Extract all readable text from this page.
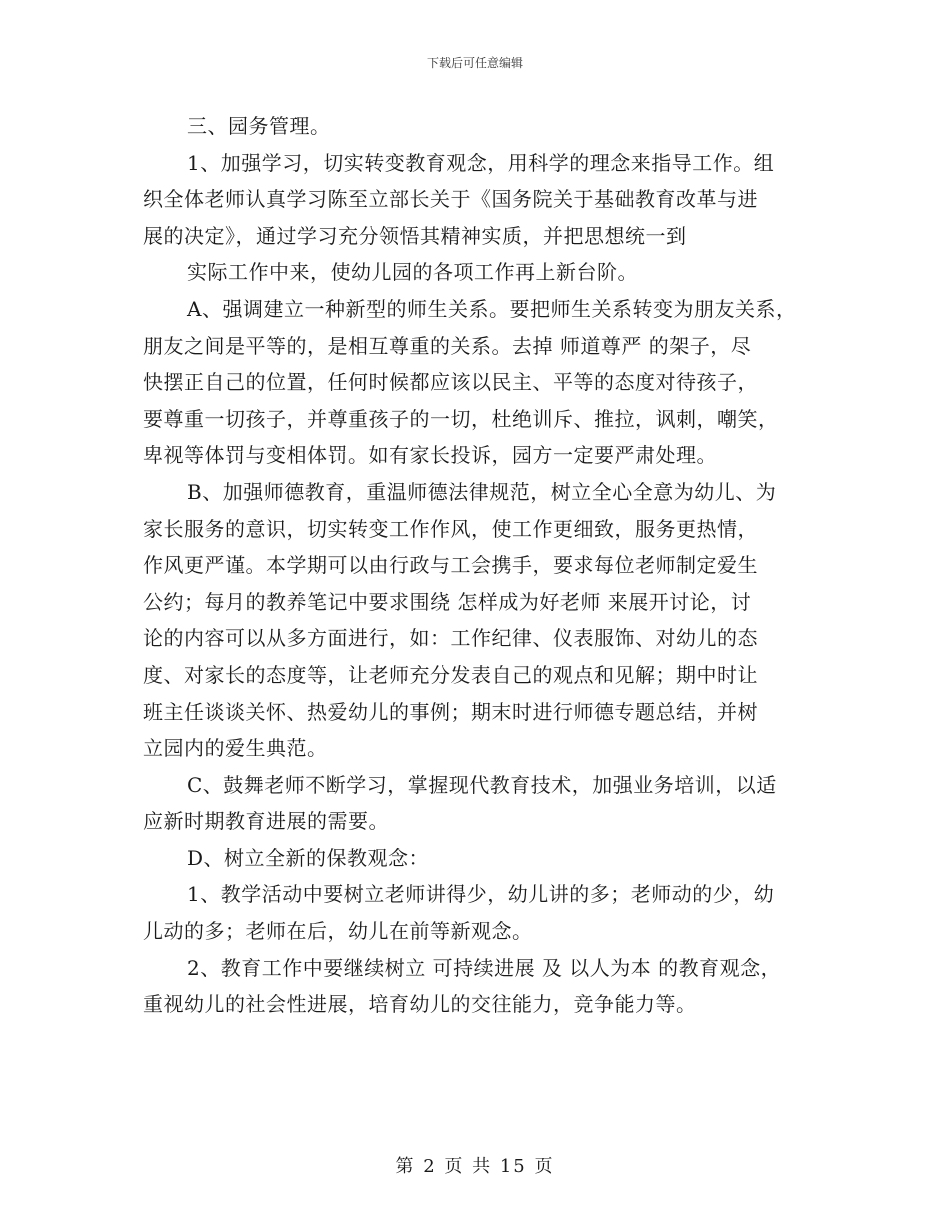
下载后可任意编辑
三、园务管理。
1、加强学习，切实转变教育观念，用科学的理念来指导工作。组
织全体老师认真学习陈至立部长关于《国务院关于基础教育改革与进
展的决定》，通过学习充分领悟其精神实质，并把思想统一到
实际工作中来，使幼儿园的各项工作再上新台阶。
A、强调建立一种新型的师生关系。要把师生关系转变为朋友关系，
朋友之间是平等的，是相互尊重的关系。去掉 师道尊严 的架子，尽
快摆正自己的位置，任何时候都应该以民主、平等的态度对待孩子，
要尊重一切孩子，并尊重孩子的一切，杜绝训斥、推拉，讽刺，嘲笑，
卑视等体罚与变相体罚。如有家长投诉，园方一定要严肃处理。
B、加强师德教育，重温师德法律规范，树立全心全意为幼儿、为
家长服务的意识，切实转变工作作风，使工作更细致，服务更热情，
作风更严谨。本学期可以由行政与工会携手，要求每位老师制定爱生
公约；每月的教养笔记中要求围绕 怎样成为好老师 来展开讨论，讨
论的内容可以从多方面进行，如：工作纪律、仪表服饰、对幼儿的态
度、对家长的态度等，让老师充分发表自己的观点和见解；期中时让
班主任谈谈关怀、热爱幼儿的事例；期末时进行师德专题总结，并树
立园内的爱生典范。
C、鼓舞老师不断学习，掌握现代教育技术，加强业务培训，以适
应新时期教育进展的需要。
D、树立全新的保教观念：
1、教学活动中要树立老师讲得少，幼儿讲的多；老师动的少，幼
儿动的多；老师在后，幼儿在前等新观念。
2、教育工作中要继续树立 可持续进展 及 以人为本 的教育观念，
重视幼儿的社会性进展，培育幼儿的交往能力，竞争能力等。
第 2 页 共 15 页
